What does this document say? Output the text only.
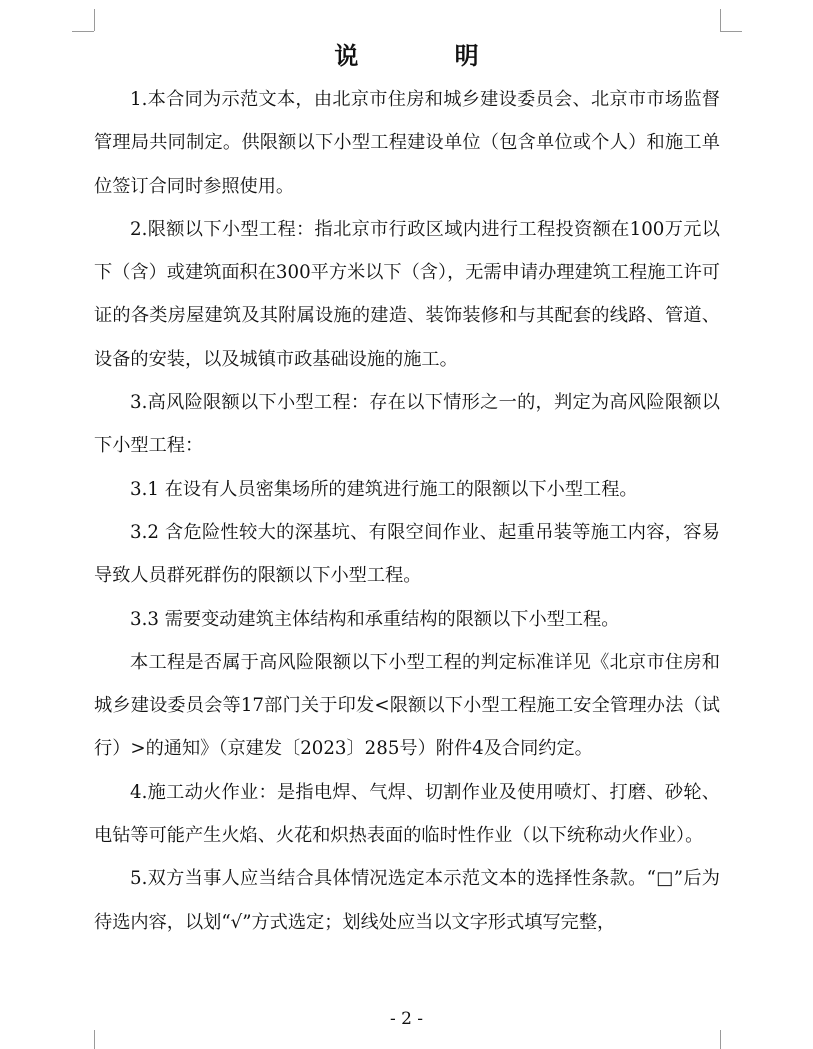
说 明

1.本合同为示范文本，由北京市住房和城乡建设委员会、北京市市场监督管理局共同制定。供限额以下小型工程建设单位（包含单位或个人）和施工单位签订合同时参照使用。

2.限额以下小型工程：指北京市行政区域内进行工程投资额在100万元以下（含）或建筑面积在300平方米以下（含），无需申请办理建筑工程施工许可证的各类房屋建筑及其附属设施的建造、装饰装修和与其配套的线路、管道、设备的安装，以及城镇市政基础设施的施工。

3.高风险限额以下小型工程：存在以下情形之一的，判定为高风险限额以下小型工程：

3.1 在设有人员密集场所的建筑进行施工的限额以下小型工程。

3.2 含危险性较大的深基坑、有限空间作业、起重吊装等施工内容，容易导致人员群死群伤的限额以下小型工程。

3.3 需要变动建筑主体结构和承重结构的限额以下小型工程。

本工程是否属于高风险限额以下小型工程的判定标准详见《北京市住房和城乡建设委员会等17部门关于印发<限额以下小型工程施工安全管理办法（试行）>的通知》（京建发〔2023〕285号）附件4及合同约定。

4.施工动火作业：是指电焊、气焊、切割作业及使用喷灯、打磨、砂轮、电钻等可能产生火焰、火花和炽热表面的临时性作业（以下统称动火作业）。

5.双方当事人应当结合具体情况选定本示范文本的选择性条款。“□”后为待选内容，以划“√”方式选定；划线处应当以文字形式填写完整，

- 2 -
